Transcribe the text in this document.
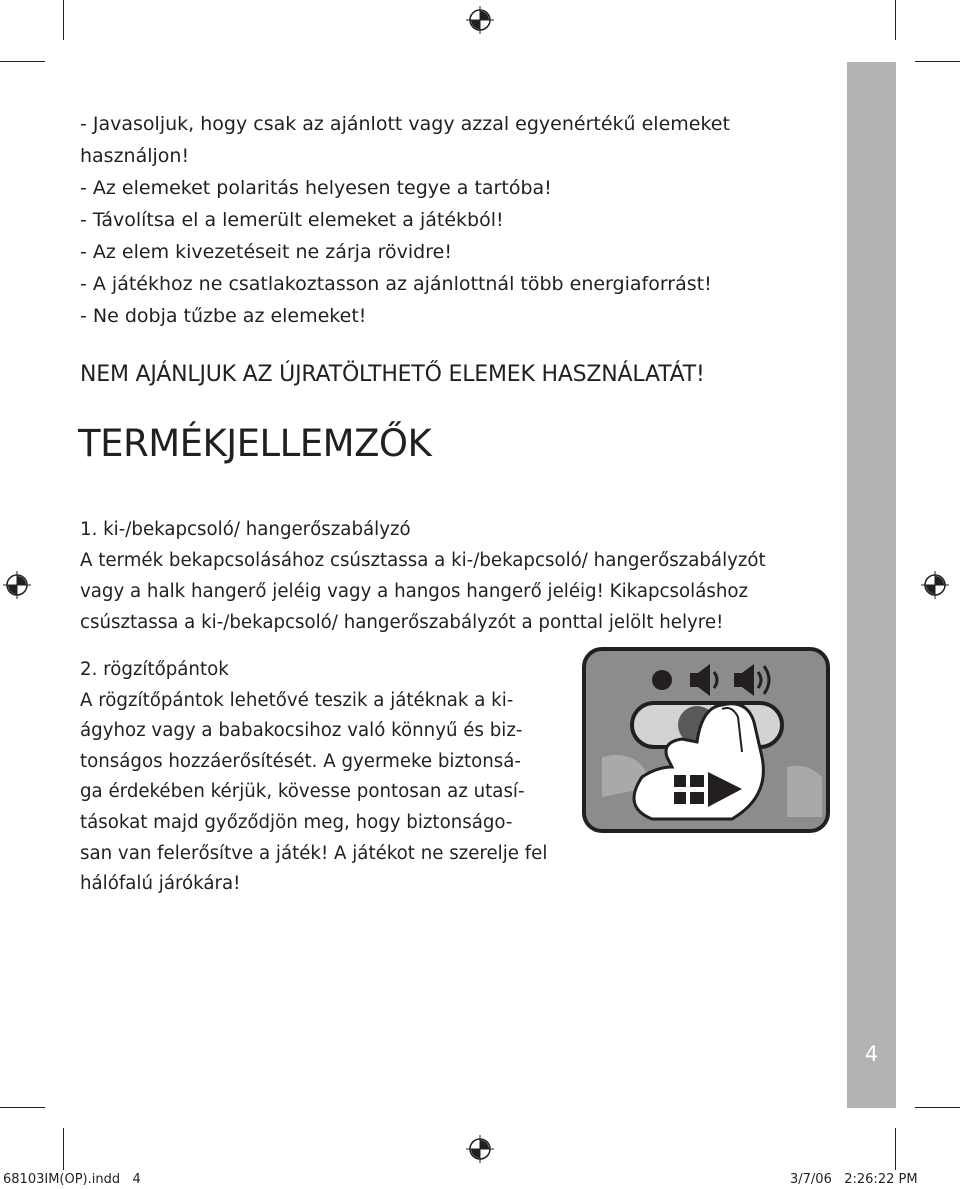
4
- Javasoljuk, hogy csak az ajánlott vagy azzal egyenértékű elemeket
használjon!
- Az elemeket polaritás helyesen tegye a tartóba!
- Távolítsa el a lemerült elemeket a játékból!
- Az elem kivezetéseit ne zárja rövidre!
- A játékhoz ne csatlakoztasson az ajánlottnál több energiaforrást!
- Ne dobja tűzbe az elemeket!
NEM AJÁNLJUK AZ ÚJRATÖLTHETŐ ELEMEK HASZNÁLATÁT!
TERMÉKJELLEMZŐK
1. ki-/bekapcsoló/ hangerőszabályzó
A termék bekapcsolásához csúsztassa a ki-/bekapcsoló/ hangerőszabályzót
vagy a halk hangerő jeléig vagy a hangos hangerő jeléig! Kikapcsoláshoz
csúsztassa a ki-/bekapcsoló/ hangerőszabályzót a ponttal jelölt helyre!
2. rögzítőpántok
A rögzítőpántok lehetővé teszik a játéknak a ki-
ágyhoz vagy a babakocsihoz való könnyű és biz-
tonságos hozzáerősítését. A gyermeke biztonsá-
ga érdekében kérjük, kövesse pontosan az utasí-
tásokat majd győződjön meg, hogy biztonságo-
san van felerősítve a játék! A játékot ne szerelje fel
hálófalú járókára!
68103IM(OP).indd   4	3/7/06   2:26:22 PM
